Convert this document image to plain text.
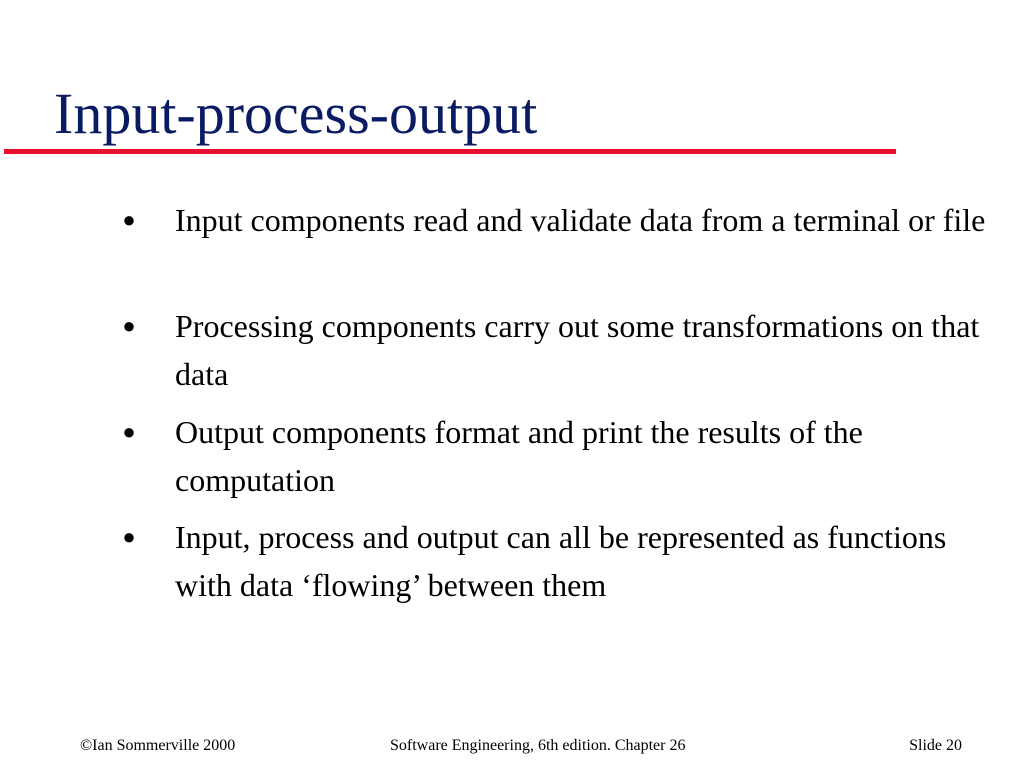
Input-process-output
● Input components read and validate data from a terminal or file
● Processing components carry out some transformations on that data
● Output components format and print the results of the computation
● Input, process and output can all be represented as functions with data ‘flowing’ between them
©Ian Sommerville 2000	Software Engineering, 6th edition. Chapter 26	Slide 20
